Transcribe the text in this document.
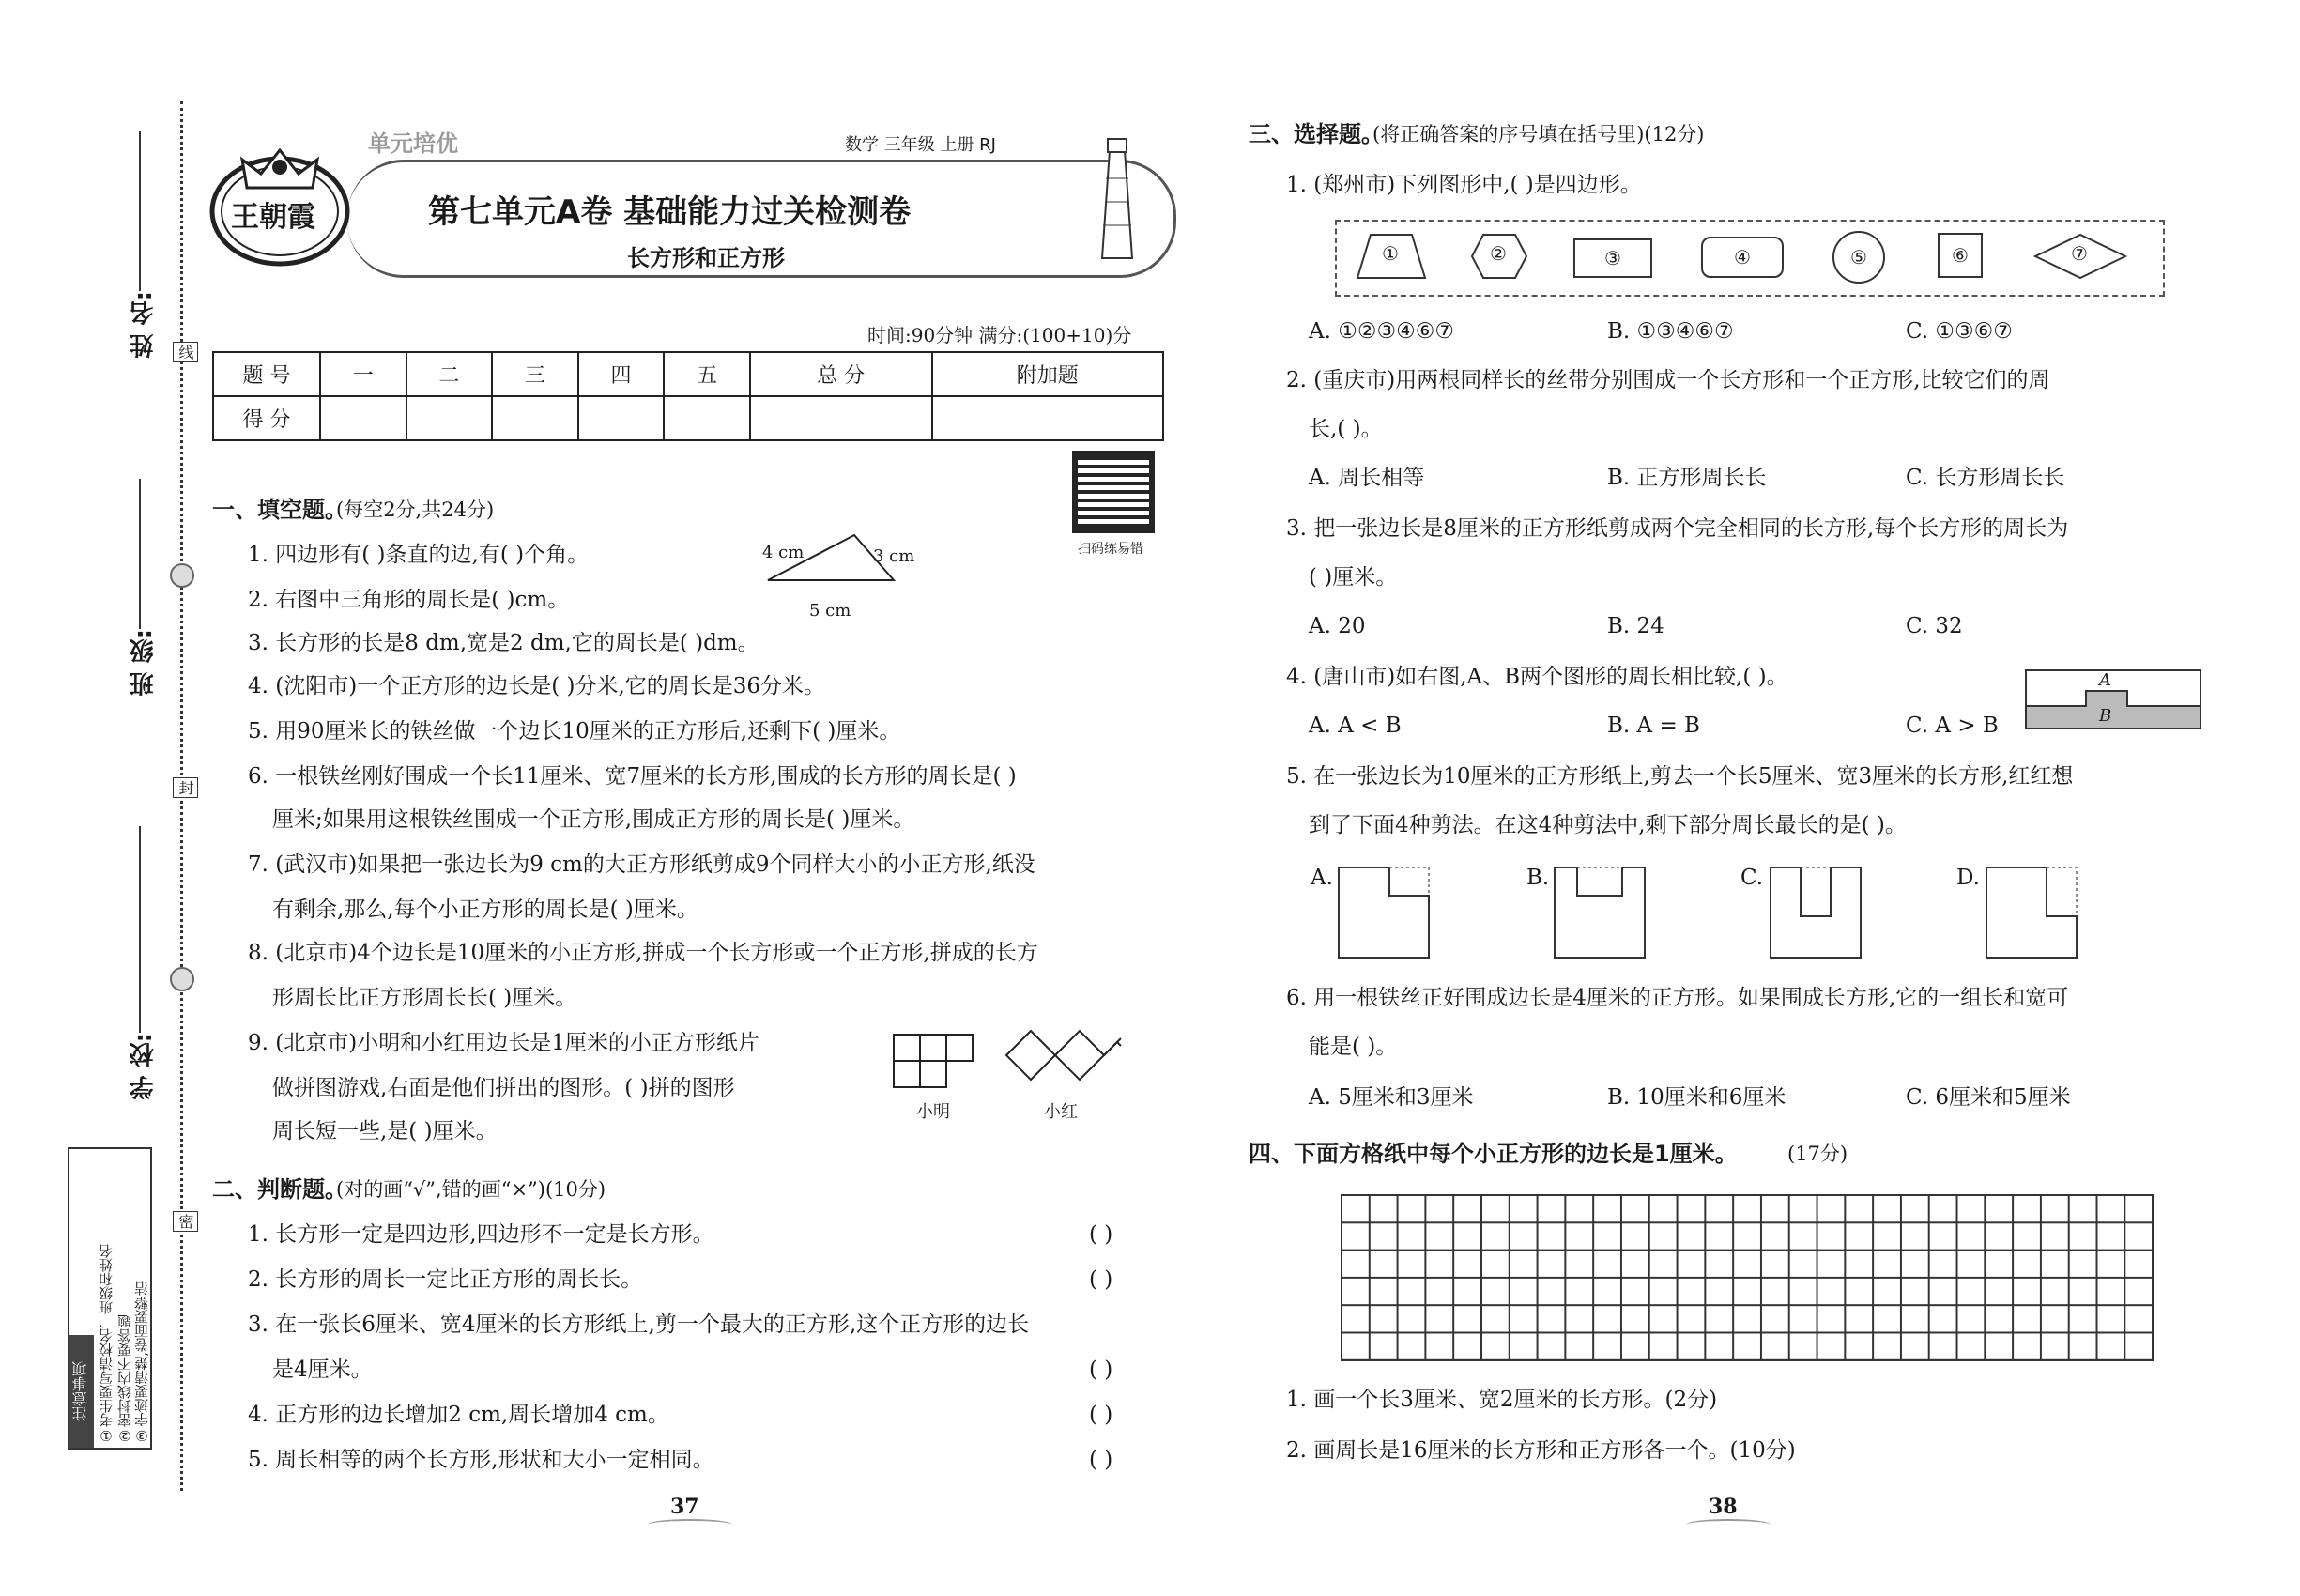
线
封
密
姓 名:
班 级:
学 校:
注意事项 ①考生要写清校名、班级和姓名 ②密封线内不要答题 ③字迹要清楚,卷面要整洁
王朝霞
单元培优	数学 三年级 上册 RJ
第七单元A卷 基础能力过关检测卷
长方形和正方形
时间:90分钟 满分:(100+10)分
题 号	一	二	三	四	五	总 分	附加题
得 分							
扫码练易错
一、填空题。
(每空2分,共24分)
1. 四边形有( )条直的边,有( )个角。
2. 右图中三角形的周长是( )cm。
3. 长方形的长是8 dm,宽是2 dm,它的周长是( )dm。
4. (沈阳市)一个正方形的边长是( )分米,它的周长是36分米。
5. 用90厘米长的铁丝做一个边长10厘米的正方形后,还剩下( )厘米。
6. 一根铁丝刚好围成一个长11厘米、宽7厘米的长方形,围成的长方形的周长是( )
厘米;如果用这根铁丝围成一个正方形,围成正方形的周长是( )厘米。
7. (武汉市)如果把一张边长为9 cm的大正方形纸剪成9个同样大小的小正方形,纸没
有剩余,那么,每个小正方形的周长是( )厘米。
8. (北京市)4个边长是10厘米的小正方形,拼成一个长方形或一个正方形,拼成的长方
形周长比正方形周长长( )厘米。
9. (北京市)小明和小红用边长是1厘米的小正方形纸片
做拼图游戏,右面是他们拼出的图形。( )拼的图形
周长短一些,是( )厘米。
4 cm	3 cm
5 cm
小明	小红
二、判断题。
(对的画“√”,错的画“×”)(10分)
1. 长方形一定是四边形,四边形不一定是长方形。
2. 长方形的周长一定比正方形的周长长。
3. 在一张长6厘米、宽4厘米的长方形纸上,剪一个最大的正方形,这个正方形的边长
是4厘米。
4. 正方形的边长增加2 cm,周长增加4 cm。
5. 周长相等的两个长方形,形状和大小一定相同。
( )
( )
( )
( )
( )
37
三、选择题。
(将正确答案的序号填在括号里)(12分)
1. (郑州市)下列图形中,( )是四边形。
①	②	③	④	⑤	⑥	⑦
A. ①②③④⑥⑦	B. ①③④⑥⑦	C. ①③⑥⑦
2. (重庆市)用两根同样长的丝带分别围成一个长方形和一个正方形,比较它们的周
长,( )。
A. 周长相等	B. 正方形周长长	C. 长方形周长长
3. 把一张边长是8厘米的正方形纸剪成两个完全相同的长方形,每个长方形的周长为
( )厘米。
A. 20	B. 24	C. 32
4. (唐山市)如右图,A、B两个图形的周长相比较,( )。
A. A < B	B. A = B	C. A > B
A
B
5. 在一张边长为10厘米的正方形纸上,剪去一个长5厘米、宽3厘米的长方形,红红想
到了下面4种剪法。在这4种剪法中,剩下部分周长最长的是( )。
A.	B.	C.	D.
6. 用一根铁丝正好围成边长是4厘米的正方形。如果围成长方形,它的一组长和宽可
能是( )。
A. 5厘米和3厘米	B. 10厘米和6厘米	C. 6厘米和5厘米
四、下面方格纸中每个小正方形的边长是1厘米。	(17分)
1. 画一个长3厘米、宽2厘米的长方形。(2分)
2. 画周长是16厘米的长方形和正方形各一个。(10分)
38
